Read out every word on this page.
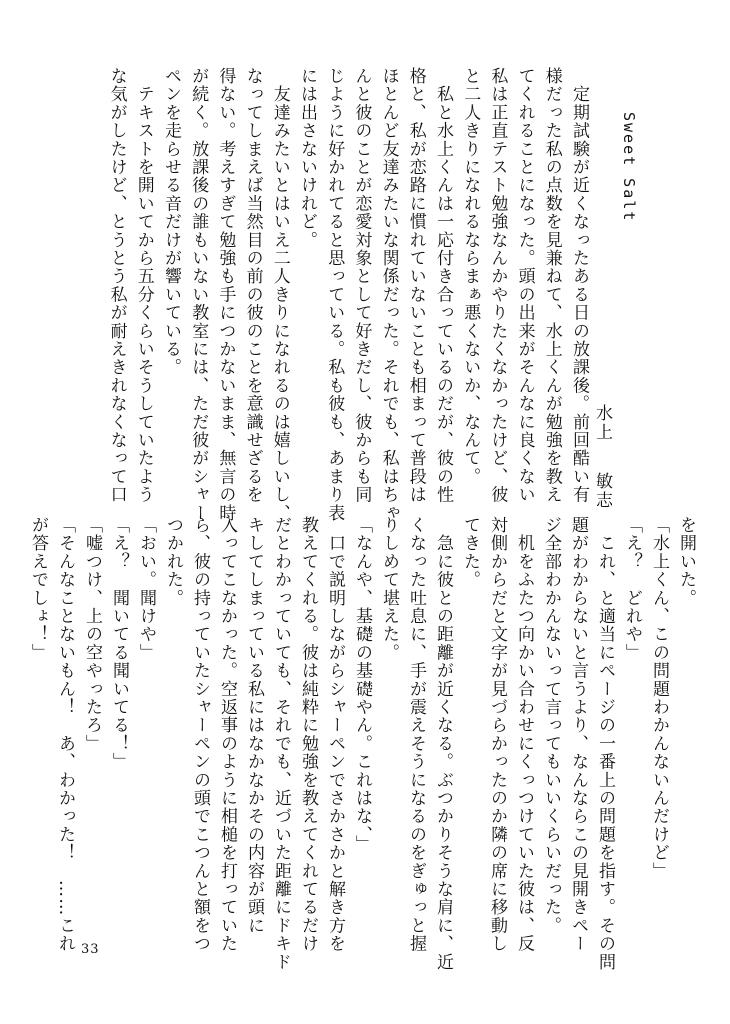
Sweet Salt
水上敏志
　定期試験が近くなったある日の放課後。前回酷い有
様だった私の点数を見兼ねて、水上くんが勉強を教え
てくれることになった。頭の出来がそんなに良くない
私は正直テスト勉強なんかやりたくなかったけど、彼
と二人きりになれるならまぁ悪くないか、なんて。
　私と水上くんは一応付き合っているのだが、彼の性
格と、私が恋路に慣れていないことも相まって普段は
ほとんど友達みたいな関係だった。それでも、私はちゃ
んと彼のことが恋愛対象として好きだし、彼からも同
じように好かれてると思っている。私も彼も、あまり表
には出さないけれど。
　友達みたいとはいえ二人きりになれるのは嬉しいし、
なってしまえば当然目の前の彼のことを意識せざるを
得ない。考えすぎて勉強も手につかないまま、無言の時
が続く。放課後の誰もいない教室には、ただ彼がシャー
ペンを走らせる音だけが響いている。
　テキストを開いてから五分くらいそうしていたよう
な気がしたけど、とうとう私が耐えきれなくなって口
を開いた。
「水上くん、この問題わかんないんだけど」
「え？　どれや」
　これ、と適当にページの一番上の問題を指す。その問
題がわからないと言うより、なんならこの見開きペー
ジ全部わかんないって言ってもいいくらいだった。
　机をふたつ向かい合わせにくっつけていた彼は、反
対側からだと文字が見づらかったのか隣の席に移動し
てきた。
　急に彼との距離が近くなる。ぶつかりそうな肩に、近
くなった吐息に、手が震えそうになるのをぎゅっと握
りしめて堪えた。
「なんや、基礎の基礎やん。これはな、」
　口で説明しながらシャーペンでさかさかと解き方を
教えてくれる。彼は純粋に勉強を教えてくれてるだけ
だとわかっていても、それでも、近づいた距離にドキド
キしてしまっている私にはなかなかその内容が頭に
入ってこなかった。空返事のように相槌を打っていた
ら、彼の持っていたシャーペンの頭でこつんと額をつ
つかれた。
「おい。聞けや」
「え？　聞いてる聞いてる！」
「嘘つけ、上の空やったろ」
「そんなことないもん！　あ、わかった！　……これ
が答えでしょ！」
33
